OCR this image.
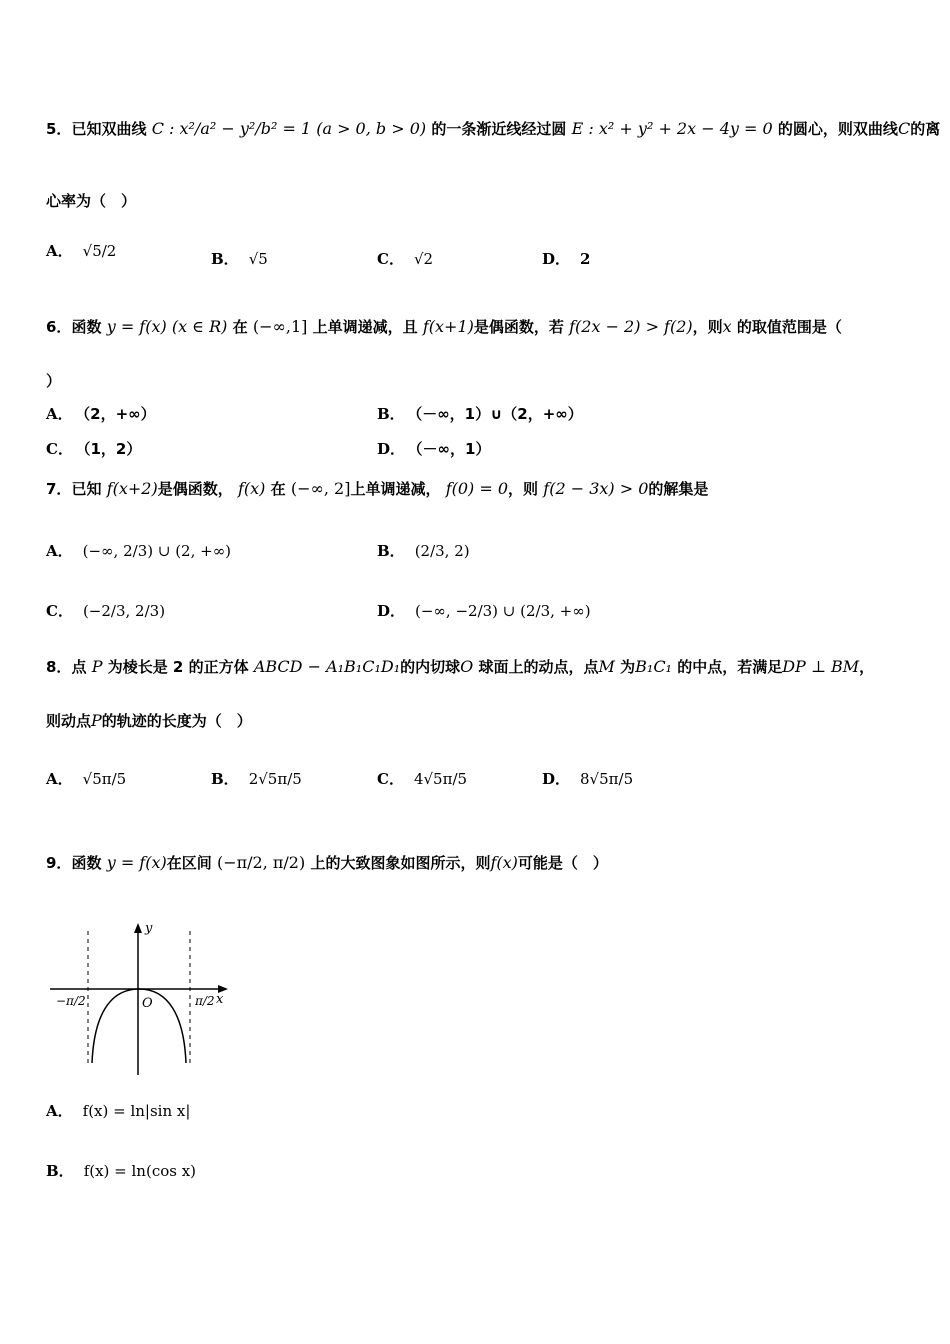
5．已知双曲线 C : x²/a² − y²/b² = 1 (a > 0, b > 0) 的一条渐近线经过圆 E : x² + y² + 2x − 4y = 0 的圆心，则双曲线C的离
心率为（　）
A． √5/2	B． √5	C． √2	D． 2
6．函数 y = f(x) (x ∈ R) 在 (−∞,1] 上单调递减，且 f(x+1)是偶函数，若 f(2x − 2) > f(2)，则x 的取值范围是（
）
A． （2，+∞）	B． （－∞，1）∪（2，+∞）
C． （1，2）	D． （－∞，1）
7．已知 f(x+2)是偶函数， f(x) 在 (−∞, 2]上单调递减， f(0) = 0，则 f(2 − 3x) > 0的解集是
A． (−∞, 2/3) ∪ (2, +∞)	B． (2/3, 2)
C． (−2/3, 2/3)	D． (−∞, −2/3) ∪ (2/3, +∞)
8．点 P 为棱长是 2 的正方体 ABCD − A₁B₁C₁D₁的内切球O 球面上的动点，点M 为B₁C₁ 的中点，若满足DP ⊥ BM，
则动点P的轨迹的长度为（　）
A． √5π/5	B． 2√5π/5	C． 4√5π/5	D． 8√5π/5
9．函数 y = f(x)在区间 (−π/2, π/2) 上的大致图象如图所示，则f(x)可能是（　）
y
x
O
−π/2	π/2
A． f(x) = ln|sin x|
B． f(x) = ln(cos x)
